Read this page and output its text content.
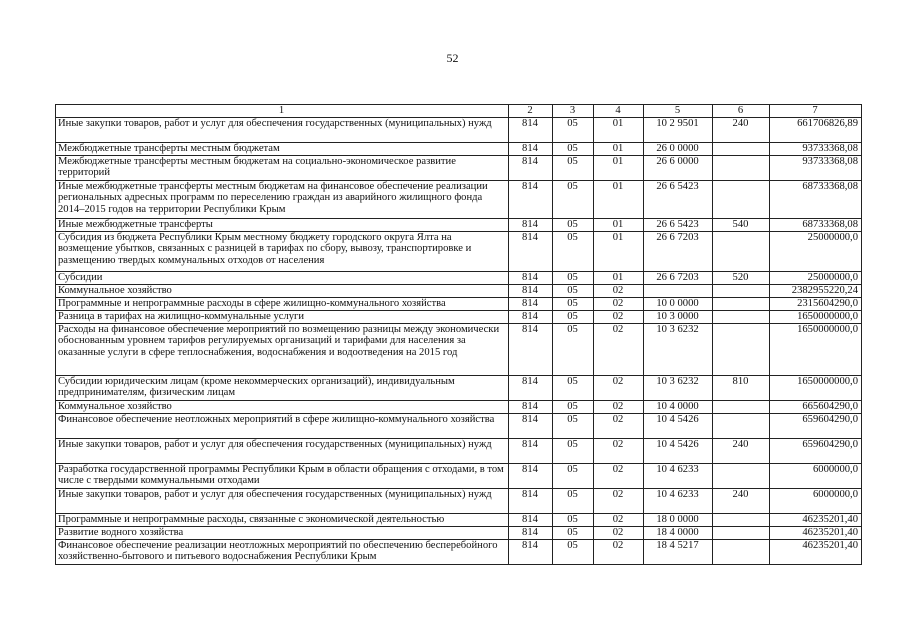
52
1	2	3	4	5	6	7
Иные закупки товаров, работ и услуг для обеспечения государственных (муниципальных) нужд	814	05	01	10 2 9501	240	661706826,89
Межбюджетные трансферты местным бюджетам	814	05	01	26 0 0000		93733368,08
Межбюджетные трансферты местным бюджетам на социально-экономическое развитие территорий	814	05	01	26 6 0000		93733368,08
Иные межбюджетные трансферты местным бюджетам на финансовое обеспечение реализации региональных адресных программ по переселению граждан из аварийного жилищного фонда 2014–2015 годов на территории Республики Крым	814	05	01	26 6 5423		68733368,08
Иные межбюджетные трансферты	814	05	01	26 6 5423	540	68733368,08
Субсидия из бюджета Республики Крым местному бюджету городского округа Ялта на возмещение убытков, связанных с разницей в тарифах по сбору, вывозу, транспортировке и размещению твердых коммунальных отходов от населения	814	05	01	26 6 7203		25000000,0
Субсидии	814	05	01	26 6 7203	520	25000000,0
Коммунальное хозяйство	814	05	02			2382955220,24
Программные и непрограммные расходы в сфере жилищно-коммунального хозяйства	814	05	02	10 0 0000		2315604290,0
Разница в тарифах на жилищно-коммунальные услуги	814	05	02	10 3 0000		1650000000,0
Расходы на финансовое обеспечение мероприятий по возмещению разницы между экономически обоснованным уровнем тарифов регулируемых организаций и тарифами для населения за оказанные услуги в сфере теплоснабжения, водоснабжения и водоотведения на 2015 год	814	05	02	10 3 6232		1650000000,0
Субсидии юридическим лицам (кроме некоммерческих организаций), индивидуальным предпринимателям, физическим лицам	814	05	02	10 3 6232	810	1650000000,0
Коммунальное хозяйство	814	05	02	10 4 0000		665604290,0
Финансовое обеспечение неотложных мероприятий в сфере жилищно-коммунального хозяйства	814	05	02	10 4 5426		659604290,0
Иные закупки товаров, работ и услуг для обеспечения государственных (муниципальных) нужд	814	05	02	10 4 5426	240	659604290,0
Разработка государственной программы Республики Крым в области обращения с отходами, в том числе с твердыми коммунальными отходами	814	05	02	10 4 6233		6000000,0
Иные закупки товаров, работ и услуг для обеспечения государственных (муниципальных) нужд	814	05	02	10 4 6233	240	6000000,0
Программные и непрограммные расходы, связанные с экономической деятельностью	814	05	02	18 0 0000		46235201,40
Развитие водного хозяйства	814	05	02	18 4 0000		46235201,40
Финансовое обеспечение реализации неотложных мероприятий по обеспечению бесперебойного хозяйственно-бытового и питьевого водоснабжения Республики Крым	814	05	02	18 4 5217		46235201,40
